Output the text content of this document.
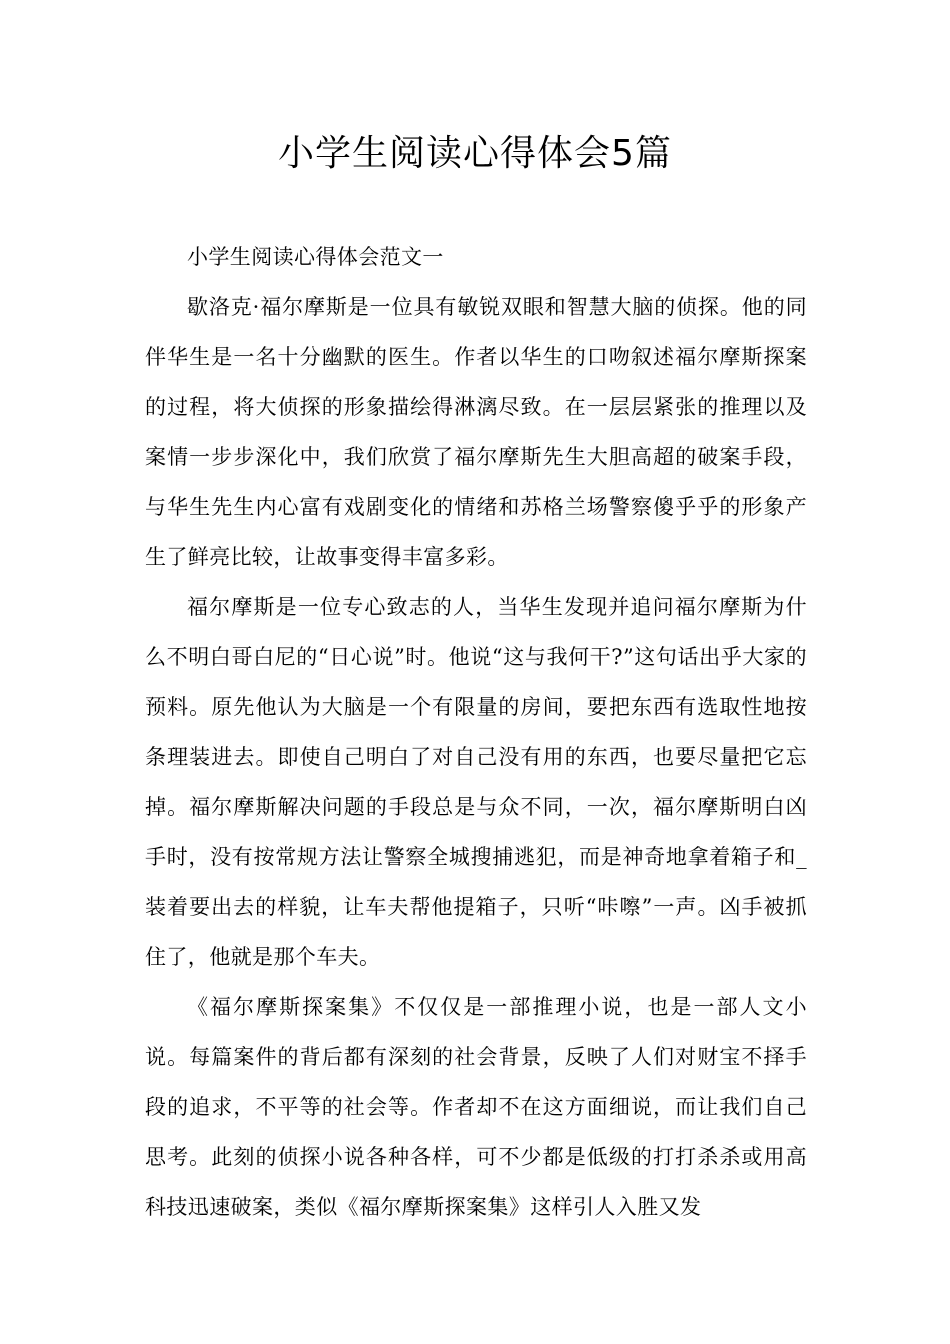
小学生阅读心得体会5篇

小学生阅读心得体会范文一

歇洛克·福尔摩斯是一位具有敏锐双眼和智慧大脑的侦探。他的同伴华生是一名十分幽默的医生。作者以华生的口吻叙述福尔摩斯探案的过程，将大侦探的形象描绘得淋漓尽致。在一层层紧张的推理以及案情一步步深化中，我们欣赏了福尔摩斯先生大胆高超的破案手段，与华生先生内心富有戏剧变化的情绪和苏格兰场警察傻乎乎的形象产生了鲜亮比较，让故事变得丰富多彩。

福尔摩斯是一位专心致志的人，当华生发现并追问福尔摩斯为什么不明白哥白尼的“日心说”时。他说“这与我何干?”这句话出乎大家的预料。原先他认为大脑是一个有限量的房间，要把东西有选取性地按条理装进去。即使自己明白了对自己没有用的东西，也要尽量把它忘掉。福尔摩斯解决问题的手段总是与众不同，一次，福尔摩斯明白凶手时，没有按常规方法让警察全城搜捕逃犯，而是神奇地拿着箱子和_装着要出去的样貌，让车夫帮他提箱子，只听“咔嚓”一声。凶手被抓住了，他就是那个车夫。

《福尔摩斯探案集》不仅仅是一部推理小说，也是一部人文小说。每篇案件的背后都有深刻的社会背景，反映了人们对财宝不择手段的追求，不平等的社会等。作者却不在这方面细说，而让我们自己思考。此刻的侦探小说各种各样，可不少都是低级的打打杀杀或用高科技迅速破案，类似《福尔摩斯探案集》这样引人入胜又发
